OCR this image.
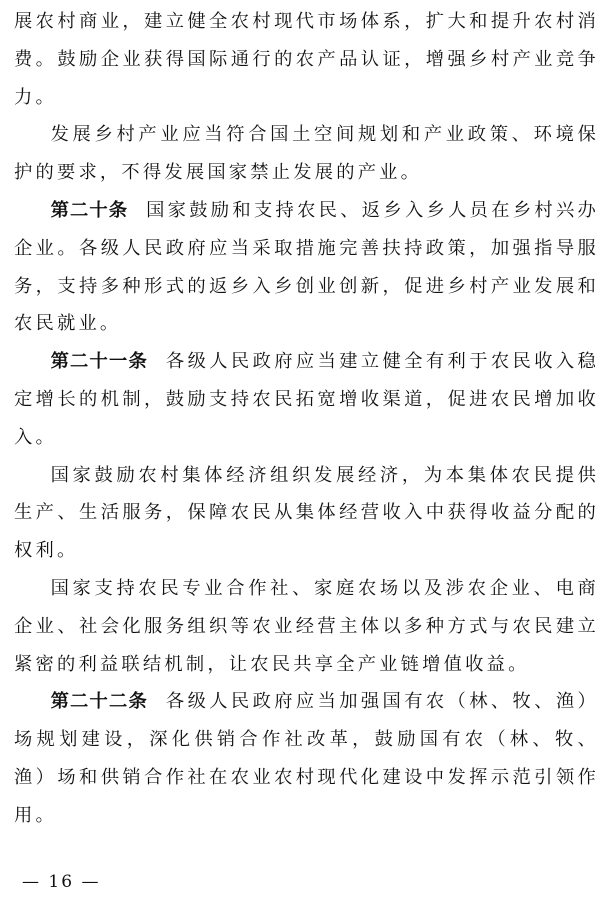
展农村商业，建立健全农村现代市场体系，扩大和提升农村消费。鼓励企业获得国际通行的农产品认证，增强乡村产业竞争力。

发展乡村产业应当符合国土空间规划和产业政策、环境保护的要求，不得发展国家禁止发展的产业。

第二十条 国家鼓励和支持农民、返乡入乡人员在乡村兴办企业。各级人民政府应当采取措施完善扶持政策，加强指导服务，支持多种形式的返乡入乡创业创新，促进乡村产业发展和农民就业。

第二十一条 各级人民政府应当建立健全有利于农民收入稳定增长的机制，鼓励支持农民拓宽增收渠道，促进农民增加收入。

国家鼓励农村集体经济组织发展经济，为本集体农民提供生产、生活服务，保障农民从集体经营收入中获得收益分配的权利。

国家支持农民专业合作社、家庭农场以及涉农企业、电商企业、社会化服务组织等农业经营主体以多种方式与农民建立紧密的利益联结机制，让农民共享全产业链增值收益。

第二十二条 各级人民政府应当加强国有农（林、牧、渔）场规划建设，深化供销合作社改革，鼓励国有农（林、牧、渔）场和供销合作社在农业农村现代化建设中发挥示范引领作用。

— 16 —
